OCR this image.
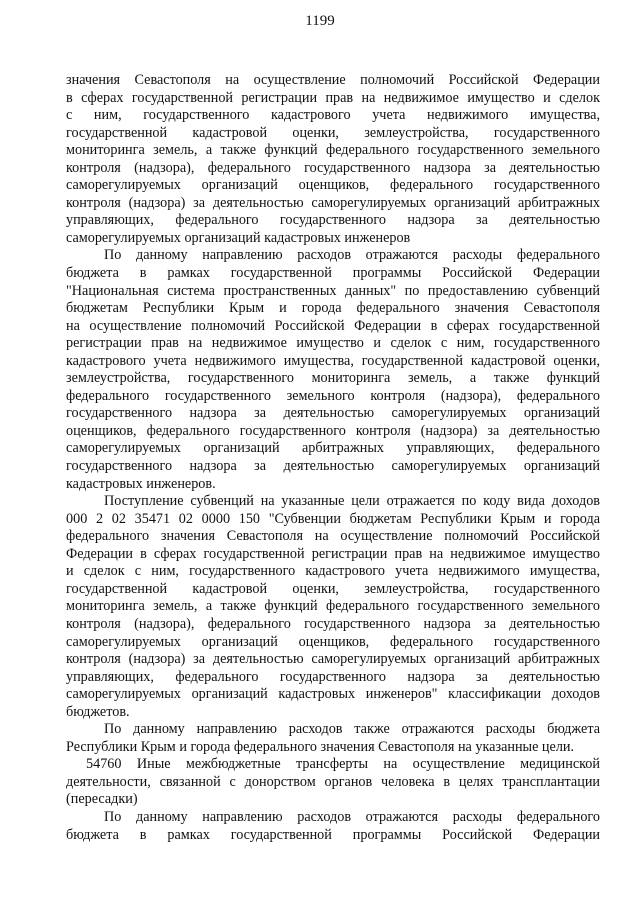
1199
значения Севастополя на осуществление полномочий Российской Федерации
в сферах государственной регистрации прав на недвижимое имущество и сделок
с ним, государственного кадастрового учета недвижимого имущества,
государственной кадастровой оценки, землеустройства, государственного
мониторинга земель, а также функций федерального государственного земельного
контроля (надзора), федерального государственного надзора за деятельностью
саморегулируемых организаций оценщиков, федерального государственного
контроля (надзора) за деятельностью саморегулируемых организаций арбитражных
управляющих, федерального государственного надзора за деятельностью
саморегулируемых организаций кадастровых инженеров
По данному направлению расходов отражаются расходы федерального
бюджета в рамках государственной программы Российской Федерации
"Национальная система пространственных данных" по предоставлению субвенций
бюджетам Республики Крым и города федерального значения Севастополя
на осуществление полномочий Российской Федерации в сферах государственной
регистрации прав на недвижимое имущество и сделок с ним, государственного
кадастрового учета недвижимого имущества, государственной кадастровой оценки,
землеустройства, государственного мониторинга земель, а также функций
федерального государственного земельного контроля (надзора), федерального
государственного надзора за деятельностью саморегулируемых организаций
оценщиков, федерального государственного контроля (надзора) за деятельностью
саморегулируемых организаций арбитражных управляющих, федерального
государственного надзора за деятельностью саморегулируемых организаций
кадастровых инженеров.
Поступление субвенций на указанные цели отражается по коду вида доходов
000 2 02 35471 02 0000 150 "Субвенции бюджетам Республики Крым и города
федерального значения Севастополя на осуществление полномочий Российской
Федерации в сферах государственной регистрации прав на недвижимое имущество
и сделок с ним, государственного кадастрового учета недвижимого имущества,
государственной кадастровой оценки, землеустройства, государственного
мониторинга земель, а также функций федерального государственного земельного
контроля (надзора), федерального государственного надзора за деятельностью
саморегулируемых организаций оценщиков, федерального государственного
контроля (надзора) за деятельностью саморегулируемых организаций арбитражных
управляющих, федерального государственного надзора за деятельностью
саморегулируемых организаций кадастровых инженеров" классификации доходов
бюджетов.
По данному направлению расходов также отражаются расходы бюджета
Республики Крым и города федерального значения Севастополя на указанные цели.
54760 Иные межбюджетные трансферты на осуществление медицинской
деятельности, связанной с донорством органов человека в целях трансплантации
(пересадки)
По данному направлению расходов отражаются расходы федерального
бюджета в рамках государственной программы Российской Федерации
